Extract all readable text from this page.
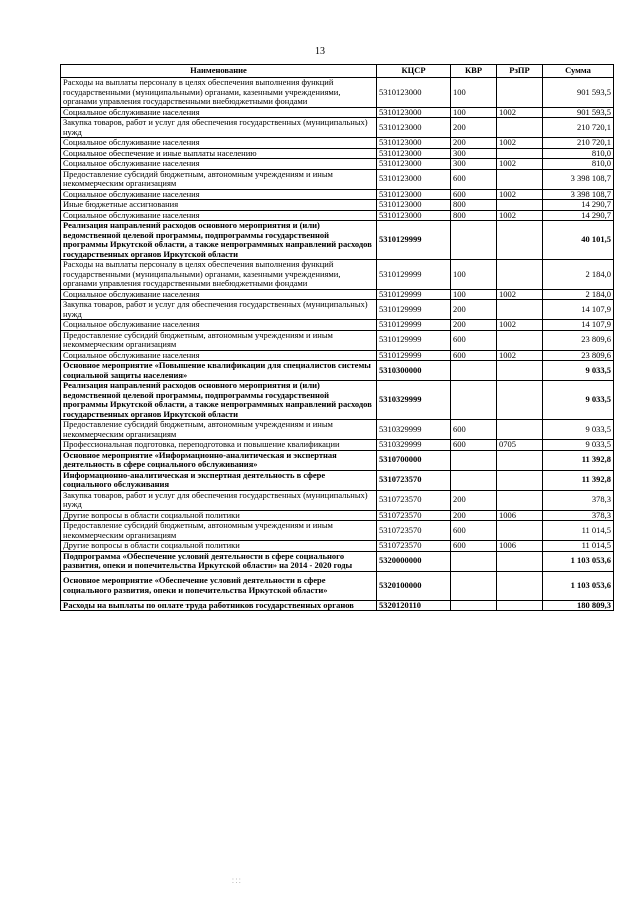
13
Наименование	КЦСР	КВР	РзПР	Сумма
Расходы на выплаты персоналу в целях обеспечения выполнения функций государственными (муниципальными) органами, казенными учреждениями, органами управления государственными внебюджетными фондами	5310123000	100		901 593,5
Социальное обслуживание населения	5310123000	100	1002	901 593,5
Закупка товаров, работ и услуг для обеспечения государственных (муниципальных) нужд	5310123000	200		210 720,1
Социальное обслуживание населения	5310123000	200	1002	210 720,1
Социальное обеспечение и иные выплаты населению	5310123000	300		810,0
Социальное обслуживание населения	5310123000	300	1002	810,0
Предоставление субсидий бюджетным, автономным учреждениям и иным некоммерческим организациям	5310123000	600		3 398 108,7
Социальное обслуживание населения	5310123000	600	1002	3 398 108,7
Иные бюджетные ассигнования	5310123000	800		14 290,7
Социальное обслуживание населения	5310123000	800	1002	14 290,7
Реализация направлений расходов основного мероприятия и (или) ведомственной целевой программы, подпрограммы государственной программы Иркутской области, а также непрограммных направлений расходов государственных органов Иркутской области	5310129999			40 101,5
Расходы на выплаты персоналу в целях обеспечения выполнения функций государственными (муниципальными) органами, казенными учреждениями, органами управления государственными внебюджетными фондами	5310129999	100		2 184,0
Социальное обслуживание населения	5310129999	100	1002	2 184,0
Закупка товаров, работ и услуг для обеспечения государственных (муниципальных) нужд	5310129999	200		14 107,9
Социальное обслуживание населения	5310129999	200	1002	14 107,9
Предоставление субсидий бюджетным, автономным учреждениям и иным некоммерческим организациям	5310129999	600		23 809,6
Социальное обслуживание населения	5310129999	600	1002	23 809,6
Основное мероприятие «Повышение квалификации для специалистов системы социальной защиты населения»	5310300000			9 033,5
Реализация направлений расходов основного мероприятия и (или) ведомственной целевой программы, подпрограммы государственной программы Иркутской области, а также непрограммных направлений расходов государственных органов Иркутской области	5310329999			9 033,5
Предоставление субсидий бюджетным, автономным учреждениям и иным некоммерческим организациям	5310329999	600		9 033,5
Профессиональная подготовка, переподготовка и повышение квалификации	5310329999	600	0705	9 033,5
Основное мероприятие «Информационно-аналитическая и экспертная деятельность в сфере социального обслуживания»	5310700000			11 392,8
Информационно-аналитическая и экспертная деятельность в сфере социального обслуживания	5310723570			11 392,8
Закупка товаров, работ и услуг для обеспечения государственных (муниципальных) нужд	5310723570	200		378,3
Другие вопросы в области социальной политики	5310723570	200	1006	378,3
Предоставление субсидий бюджетным, автономным учреждениям и иным некоммерческим организациям	5310723570	600		11 014,5
Другие вопросы в области социальной политики	5310723570	600	1006	11 014,5
Подпрограмма «Обеспечение условий деятельности в сфере социального развития, опеки и попечительства Иркутской области» на 2014 - 2020 годы	5320000000			1 103 053,6
Основное мероприятие «Обеспечение условий деятельности в сфере социального развития, опеки и попечительства Иркутской области»	5320100000			1 103 053,6
Расходы на выплаты по оплате труда работников государственных органов	5320120110			180 809,3
⁚ ⁚ ⁚
